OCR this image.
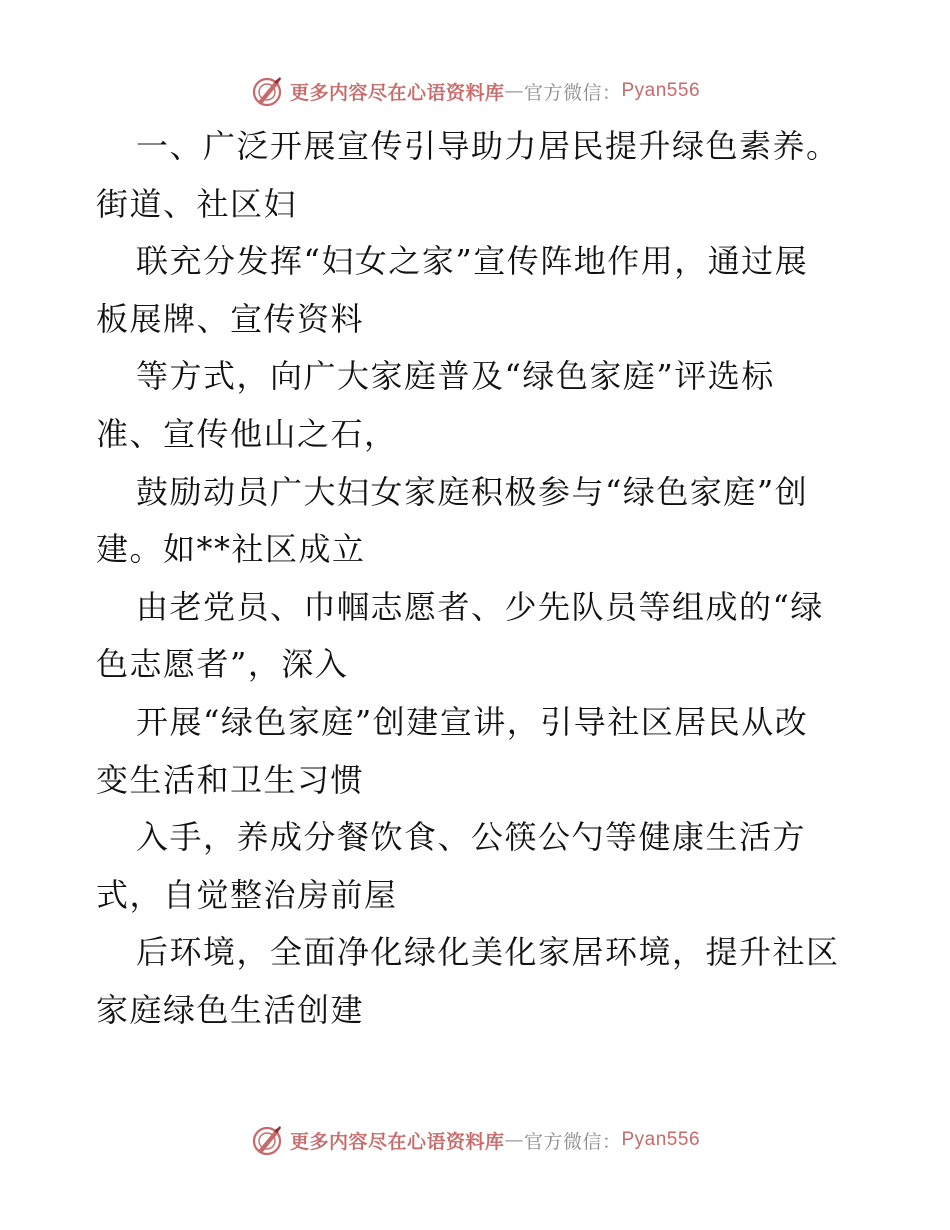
更多内容尽在心语资料库 — 官方微信： Pyan556
一、广泛开展宣传引导助力居民提升绿色素养。
街道、社区妇
联充分发挥“妇女之家”宣传阵地作用，通过展
板展牌、宣传资料
等方式，向广大家庭普及“绿色家庭”评选标
准、宣传他山之石，
鼓励动员广大妇女家庭积极参与“绿色家庭”创
建。如**社区成立
由老党员、巾帼志愿者、少先队员等组成的“绿
色志愿者”，深入
开展“绿色家庭”创建宣讲，引导社区居民从改
变生活和卫生习惯
入手，养成分餐饮食、公筷公勺等健康生活方
式，自觉整治房前屋
后环境，全面净化绿化美化家居环境，提升社区
家庭绿色生活创建
更多内容尽在心语资料库 — 官方微信： Pyan556
